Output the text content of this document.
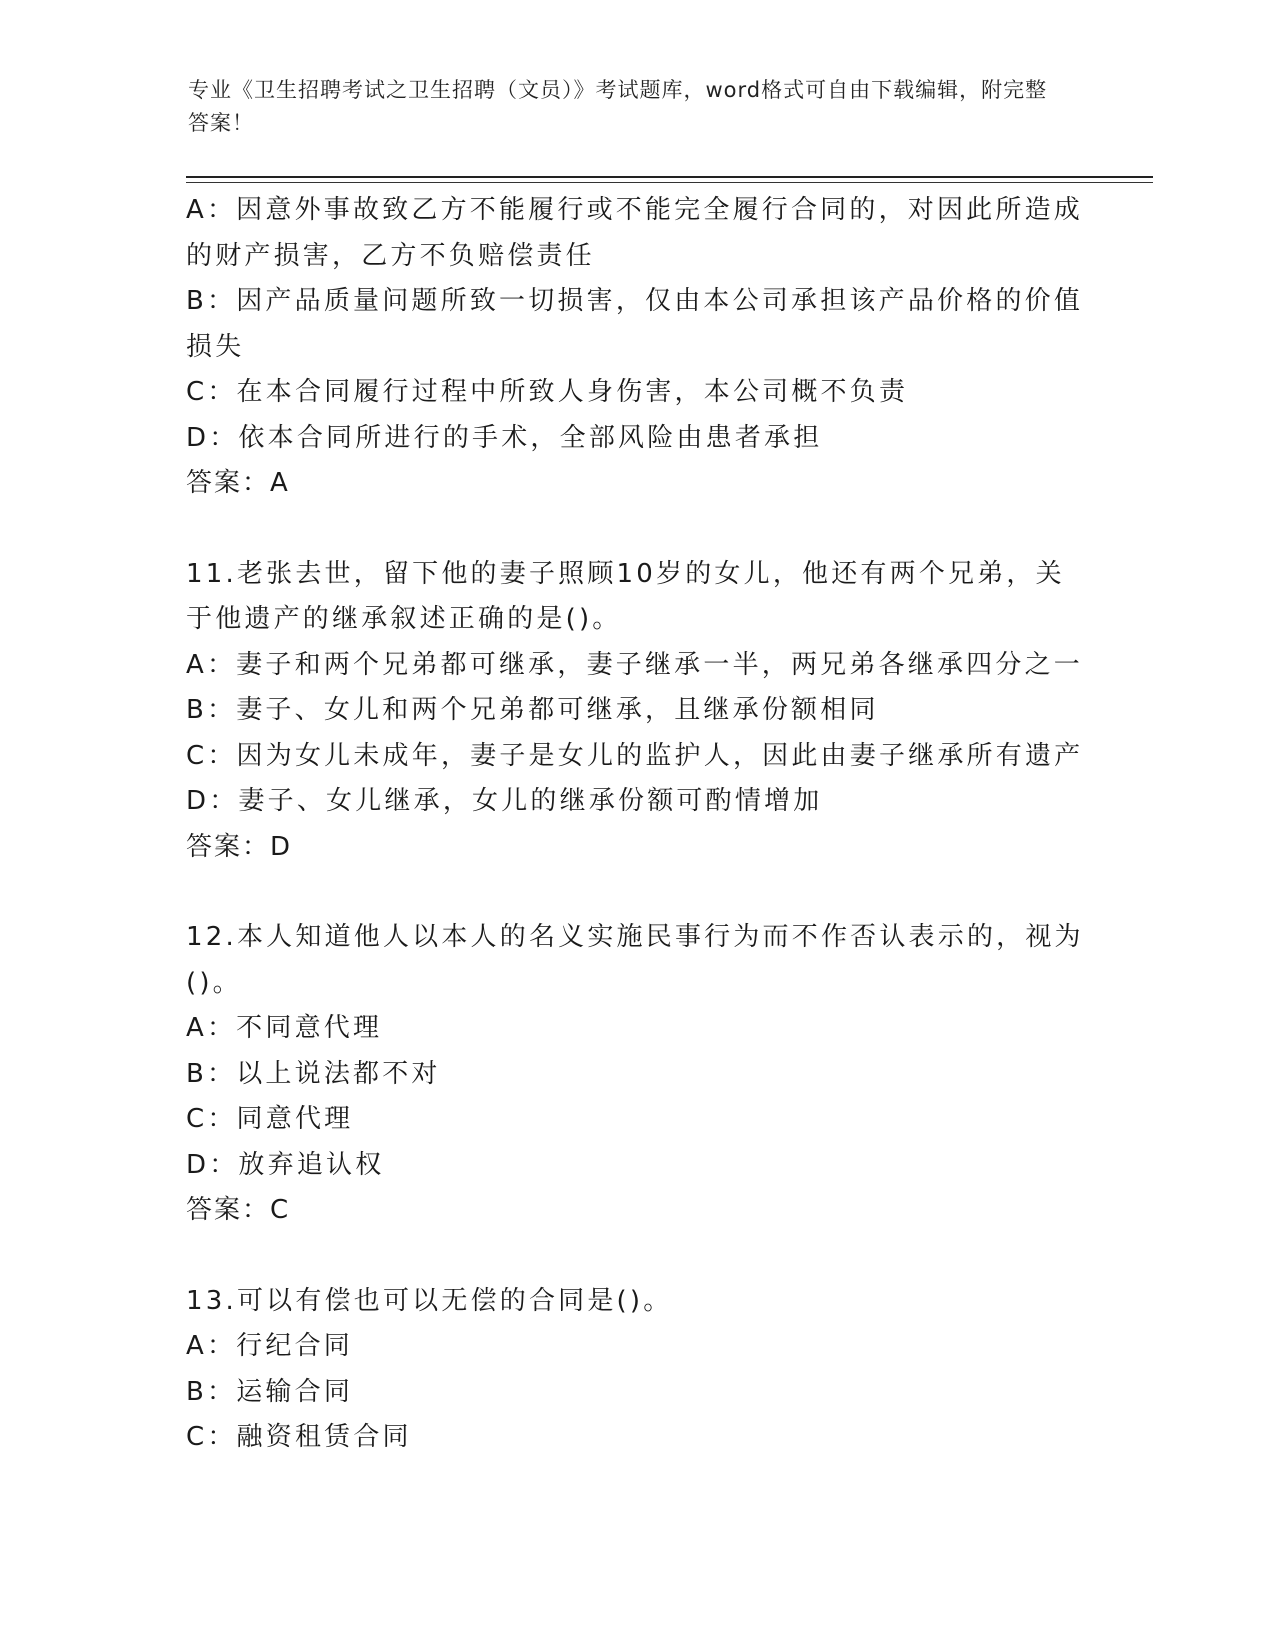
专业《卫生招聘考试之卫生招聘（文员）》考试题库，word格式可自由下载编辑，附完整答案！
A：因意外事故致乙方不能履行或不能完全履行合同的，对因此所造成的财产损害，乙方不负赔偿责任
B：因产品质量问题所致一切损害，仅由本公司承担该产品价格的价值损失
C：在本合同履行过程中所致人身伤害，本公司概不负责
D：依本合同所进行的手术，全部风险由患者承担
答案：A
11.老张去世，留下他的妻子照顾10岁的女儿，他还有两个兄弟，关于他遗产的继承叙述正确的是()。
A：妻子和两个兄弟都可继承，妻子继承一半，两兄弟各继承四分之一
B：妻子、女儿和两个兄弟都可继承，且继承份额相同
C：因为女儿未成年，妻子是女儿的监护人，因此由妻子继承所有遗产
D：妻子、女儿继承，女儿的继承份额可酌情增加
答案：D
12.本人知道他人以本人的名义实施民事行为而不作否认表示的，视为()。
A：不同意代理
B：以上说法都不对
C：同意代理
D：放弃追认权
答案：C
13.可以有偿也可以无偿的合同是()。
A：行纪合同
B：运输合同
C：融资租赁合同
